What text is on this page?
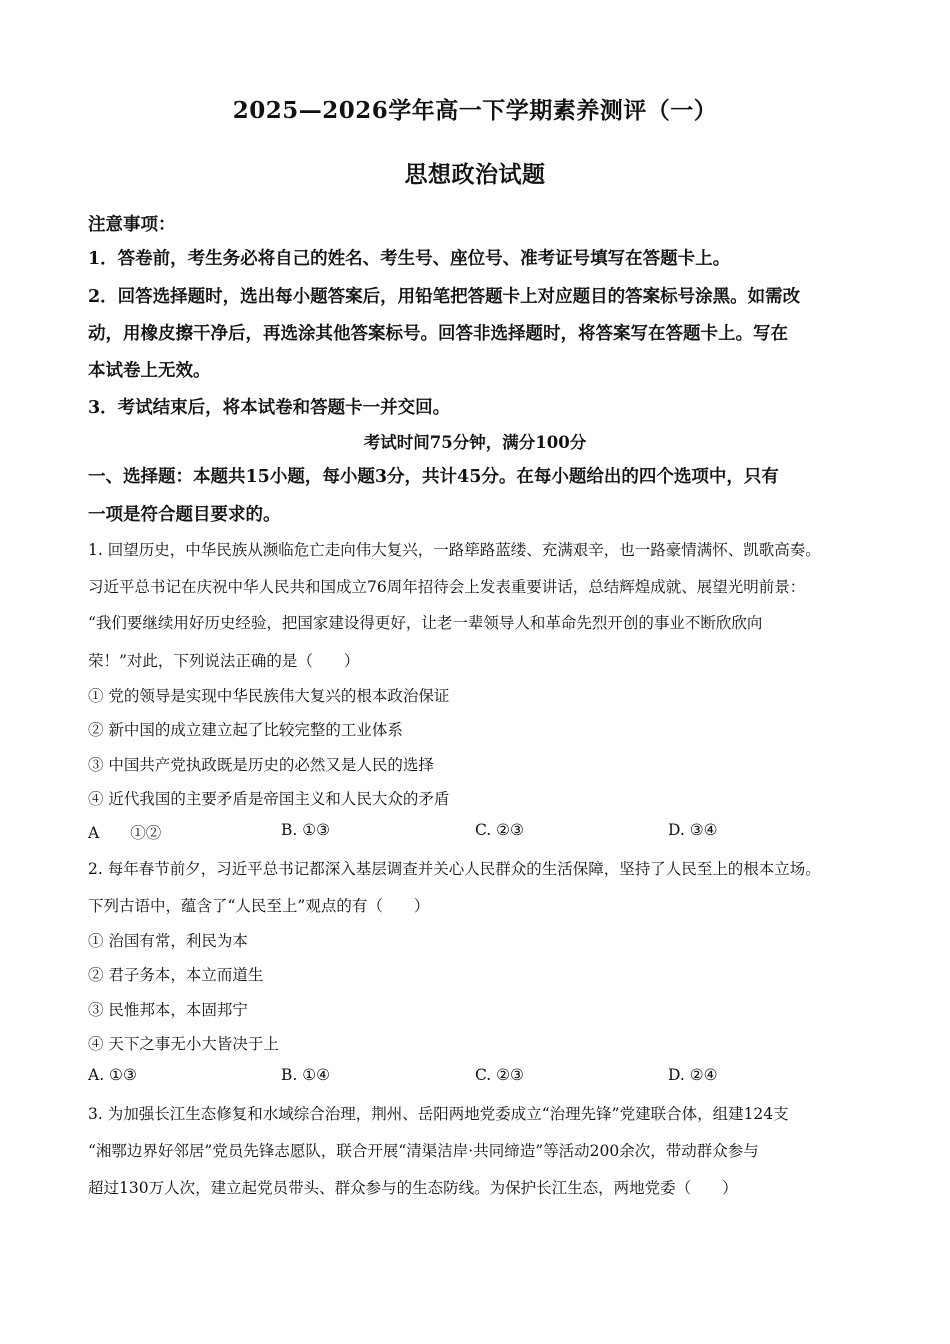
2025—2026学年高一下学期素养测评（一）
思想政治试题
注意事项：
1．答卷前，考生务必将自己的姓名、考生号、座位号、准考证号填写在答题卡上。
2．回答选择题时，选出每小题答案后，用铅笔把答题卡上对应题目的答案标号涂黑。如需改
动，用橡皮擦干净后，再选涂其他答案标号。回答非选择题时，将答案写在答题卡上。写在
本试卷上无效。
3．考试结束后，将本试卷和答题卡一并交回。
考试时间75分钟，满分100分
一、选择题：本题共15小题，每小题3分，共计45分。在每小题给出的四个选项中，只有
一项是符合题目要求的。
1. 回望历史，中华民族从濒临危亡走向伟大复兴，一路筚路蓝缕、充满艰辛，也一路豪情满怀、凯歌高奏。
习近平总书记在庆祝中华人民共和国成立76周年招待会上发表重要讲话，总结辉煌成就、展望光明前景：
“我们要继续用好历史经验，把国家建设得更好，让老一辈领导人和革命先烈开创的事业不断欣欣向
荣！”对此，下列说法正确的是（　　）
① 党的领导是实现中华民族伟大复兴的根本政治保证
② 新中国的成立建立起了比较完整的工业体系
③ 中国共产党执政既是历史的必然又是人民的选择
④ 近代我国的主要矛盾是帝国主义和人民大众的矛盾
A　　①②	B. ①③	C. ②③	D. ③④
2. 每年春节前夕，习近平总书记都深入基层调查并关心人民群众的生活保障，坚持了人民至上的根本立场。
下列古语中，蕴含了“人民至上”观点的有（　　）
① 治国有常，利民为本
② 君子务本，本立而道生
③ 民惟邦本，本固邦宁
④ 天下之事无小大皆决于上
A. ①③	B. ①④	C. ②③	D. ②④
3. 为加强长江生态修复和水域综合治理，荆州、岳阳两地党委成立“治理先锋”党建联合体，组建124支
“湘鄂边界好邻居”党员先锋志愿队，联合开展“清渠洁岸·共同缔造”等活动200余次，带动群众参与
超过130万人次，建立起党员带头、群众参与的生态防线。为保护长江生态，两地党委（　　）
